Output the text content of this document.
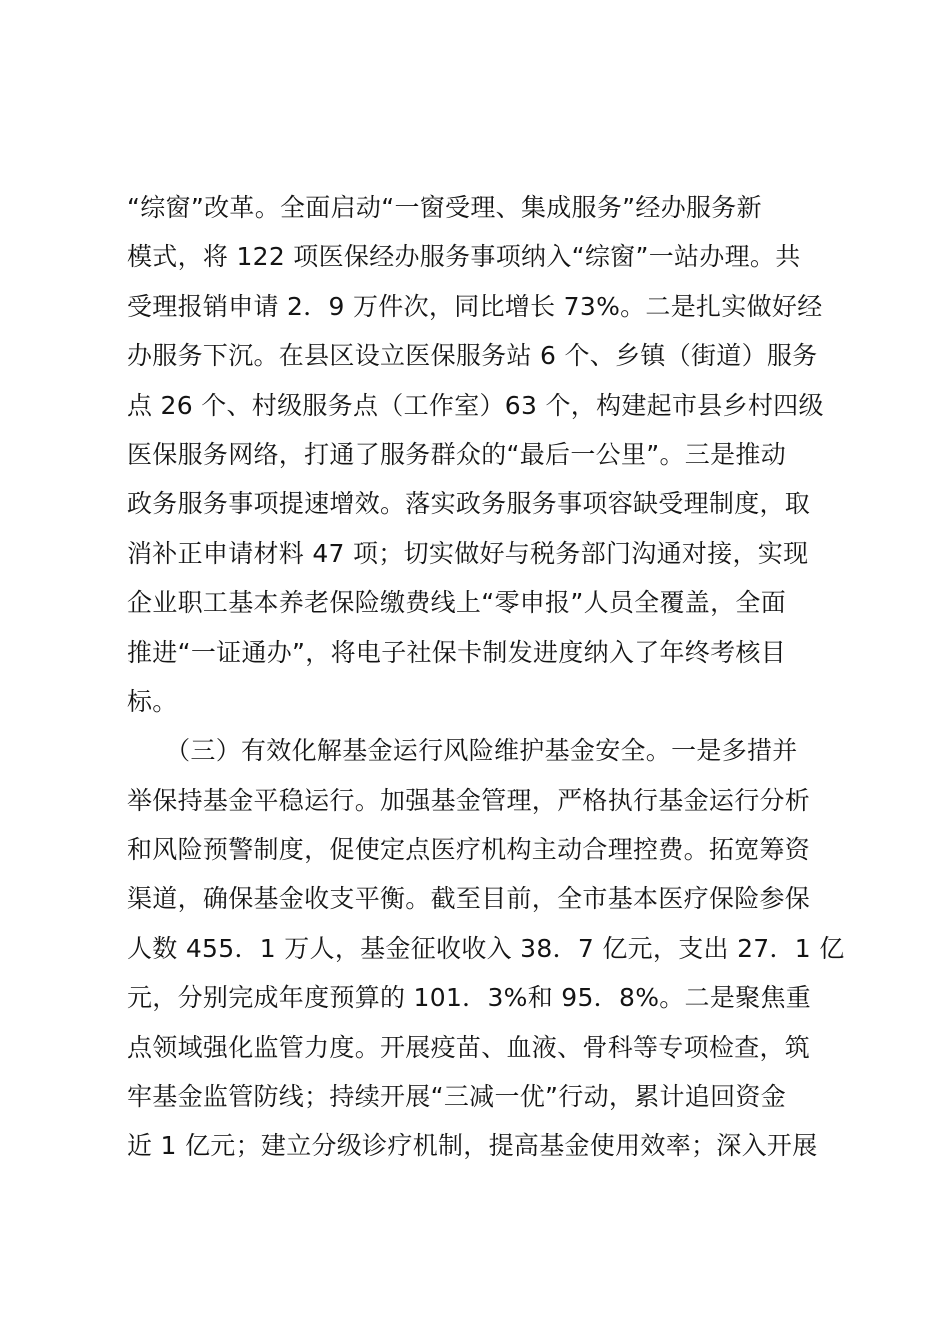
“综窗”改革。全面启动“一窗受理、集成服务”经办服务新
模式，将 122 项医保经办服务事项纳入“综窗”一站办理。共
受理报销申请 2．9 万件次，同比增长 73%。二是扎实做好经
办服务下沉。在县区设立医保服务站 6 个、乡镇（街道）服务
点 26 个、村级服务点（工作室）63 个，构建起市县乡村四级
医保服务网络，打通了服务群众的“最后一公里”。三是推动
政务服务事项提速增效。落实政务服务事项容缺受理制度，取
消补正申请材料 47 项；切实做好与税务部门沟通对接，实现
企业职工基本养老保险缴费线上“零申报”人员全覆盖，全面
推进“一证通办”，将电子社保卡制发进度纳入了年终考核目
标。
　　（三）有效化解基金运行风险维护基金安全。一是多措并
举保持基金平稳运行。加强基金管理，严格执行基金运行分析
和风险预警制度，促使定点医疗机构主动合理控费。拓宽筹资
渠道，确保基金收支平衡。截至目前，全市基本医疗保险参保
人数 455．1 万人，基金征收收入 38．7 亿元，支出 27．1 亿
元，分别完成年度预算的 101．3%和 95．8%。二是聚焦重
点领域强化监管力度。开展疫苗、血液、骨科等专项检查，筑
牢基金监管防线；持续开展“三减一优”行动，累计追回资金
近 1 亿元；建立分级诊疗机制，提高基金使用效率；深入开展
